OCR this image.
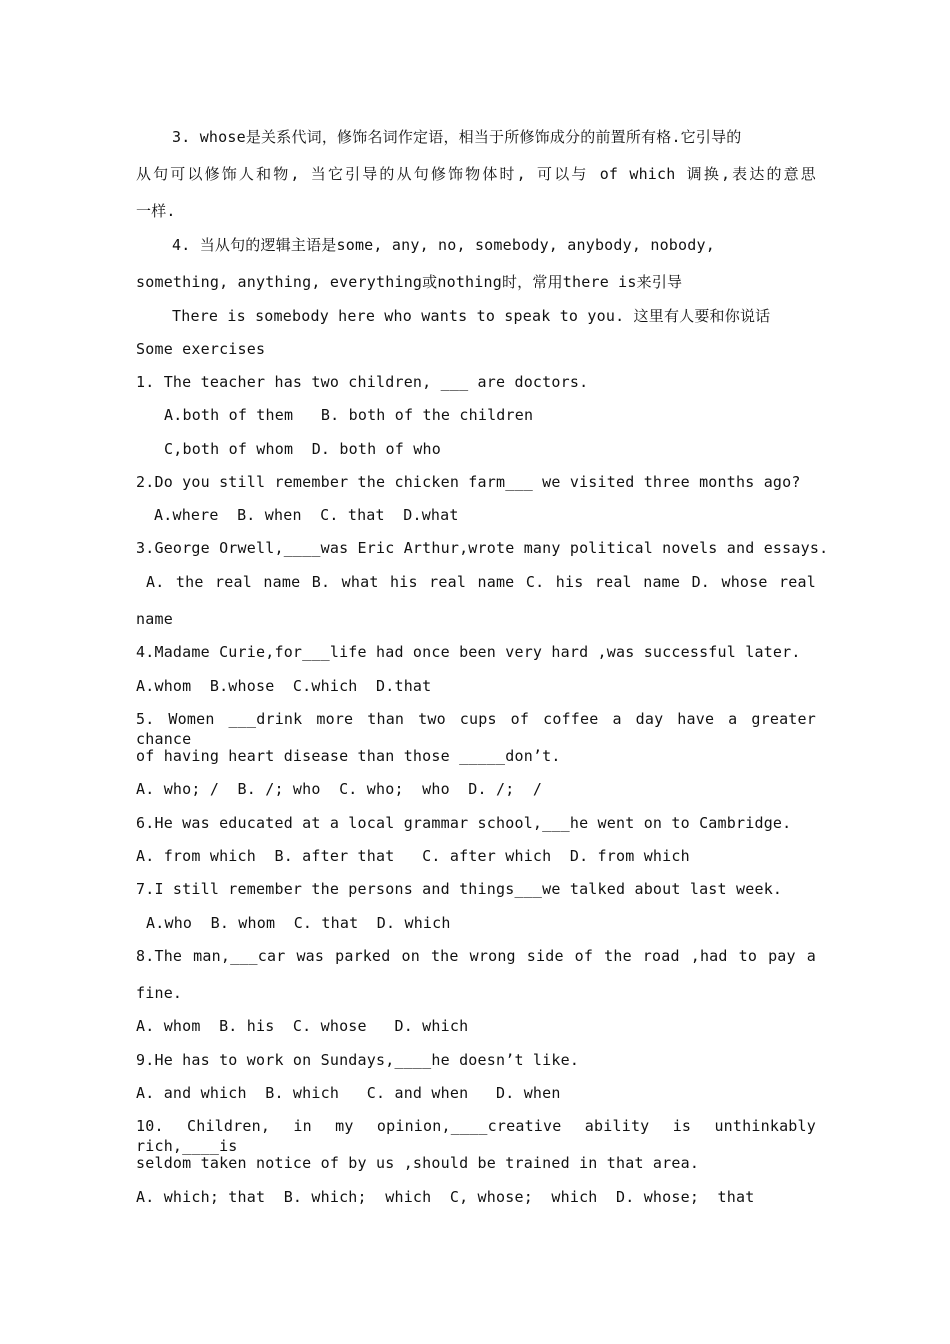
3. whose是关系代词，修饰名词作定语，相当于所修饰成分的前置所有格.它引导的
从句可以修饰人和物, 当它引导的从句修饰物体时, 可以与 of which 调换,表达的意思
一样.
4. 当从句的逻辑主语是some, any, no, somebody, anybody, nobody,
something, anything, everything或nothing时，常用there is来引导
There is somebody here who wants to speak to you. 这里有人要和你说话
Some exercises
1. The teacher has two children, ___ are doctors.
A.both of them   B. both of the children
C,both of whom  D. both of who
2.Do you still remember the chicken farm___ we visited three months ago?
A.where  B. when  C. that  D.what
3.George Orwell,____was Eric Arthur,wrote many political novels and essays.
A. the real name B. what his real name C. his real name D. whose real
name
4.Madame Curie,for___life had once been very hard ,was successful later.
A.whom  B.whose  C.which  D.that
5. Women ___drink more than two cups of coffee a day have a greater chance
of having heart disease than those _____don’t.
A. who; /  B. /; who  C. who;  who  D. /;  /
6.He was educated at a local grammar school,___he went on to Cambridge.
A. from which  B. after that   C. after which  D. from which
7.I still remember the persons and things___we talked about last week.
A.who  B. whom  C. that  D. which
8.The man,___car was parked on the wrong side of the road ,had to pay a
fine.
A. whom  B. his  C. whose   D. which
9.He has to work on Sundays,____he doesn’t like.
A. and which  B. which   C. and when   D. when
10. Children, in my opinion,____creative ability is unthinkably rich,____is
seldom taken notice of by us ,should be trained in that area.
A. which; that  B. which;  which  C, whose;  which  D. whose;  that
